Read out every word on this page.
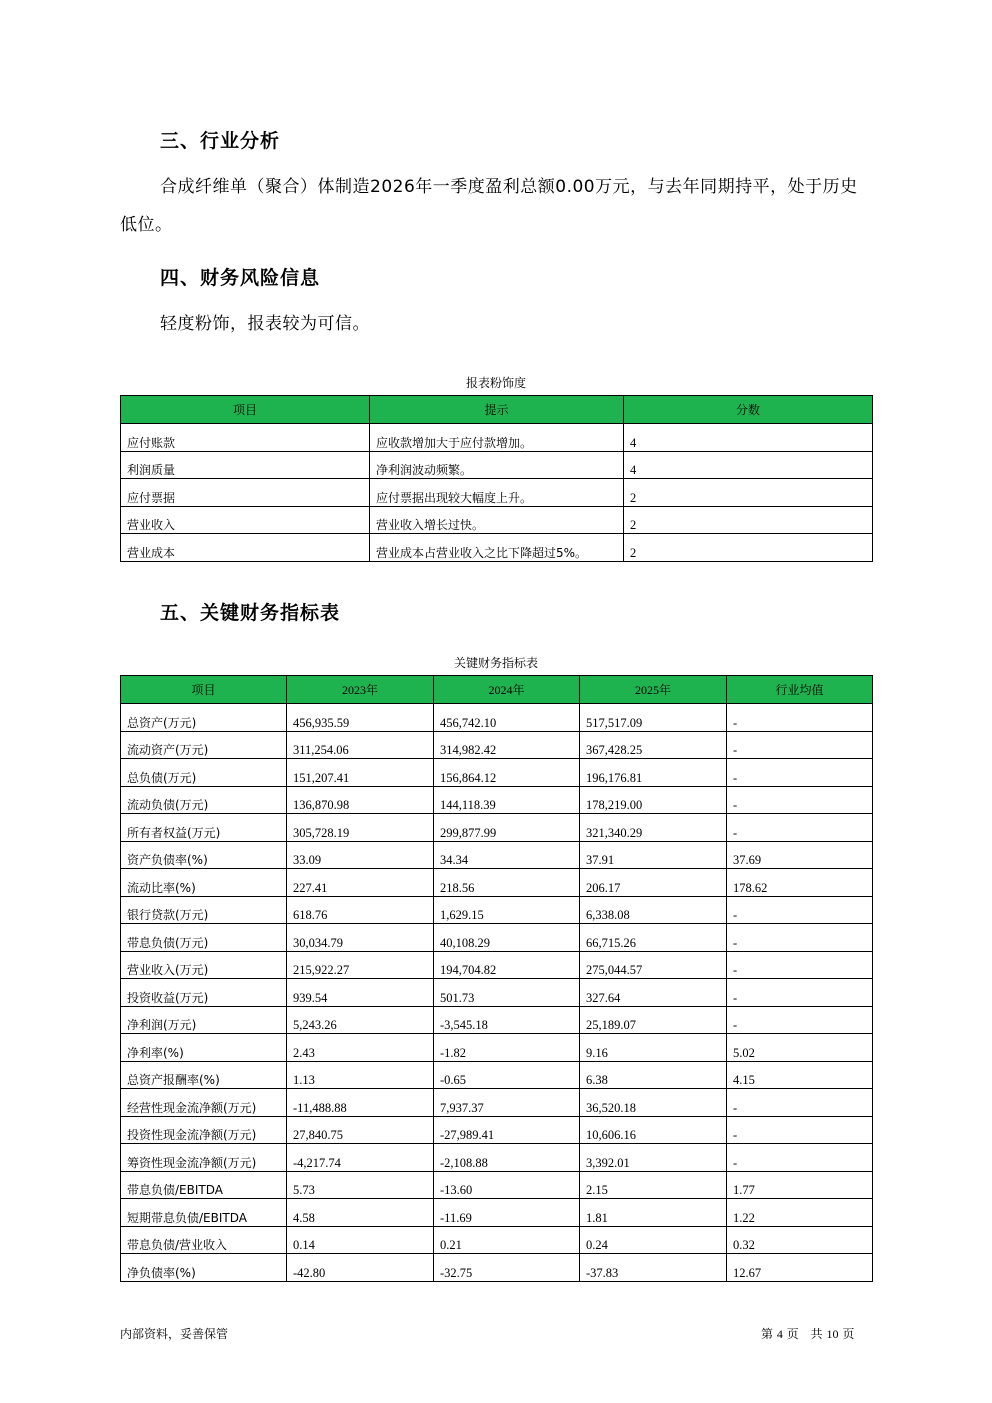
三、行业分析
合成纤维单（聚合）体制造2026年一季度盈利总额0.00万元，与去年同期持平，处于历史低位。
四、财务风险信息
轻度粉饰，报表较为可信。
报表粉饰度
项目	提示	分数
应付账款	应收款增加大于应付款增加。	4
利润质量	净利润波动频繁。	4
应付票据	应付票据出现较大幅度上升。	2
营业收入	营业收入增长过快。	2
营业成本	营业成本占营业收入之比下降超过5%。	2
五、关键财务指标表
关键财务指标表
项目	2023年	2024年	2025年	行业均值
总资产(万元)	456,935.59	456,742.10	517,517.09	-
流动资产(万元)	311,254.06	314,982.42	367,428.25	-
总负债(万元)	151,207.41	156,864.12	196,176.81	-
流动负债(万元)	136,870.98	144,118.39	178,219.00	-
所有者权益(万元)	305,728.19	299,877.99	321,340.29	-
资产负债率(%)	33.09	34.34	37.91	37.69
流动比率(%)	227.41	218.56	206.17	178.62
银行贷款(万元)	618.76	1,629.15	6,338.08	-
带息负债(万元)	30,034.79	40,108.29	66,715.26	-
营业收入(万元)	215,922.27	194,704.82	275,044.57	-
投资收益(万元)	939.54	501.73	327.64	-
净利润(万元)	5,243.26	-3,545.18	25,189.07	-
净利率(%)	2.43	-1.82	9.16	5.02
总资产报酬率(%)	1.13	-0.65	6.38	4.15
经营性现金流净额(万元)	-11,488.88	7,937.37	36,520.18	-
投资性现金流净额(万元)	27,840.75	-27,989.41	10,606.16	-
筹资性现金流净额(万元)	-4,217.74	-2,108.88	3,392.01	-
带息负债/EBITDA	5.73	-13.60	2.15	1.77
短期带息负债/EBITDA	4.58	-11.69	1.81	1.22
带息负债/营业收入	0.14	0.21	0.24	0.32
净负债率(%)	-42.80	-32.75	-37.83	12.67
内部资料，妥善保管	第 4 页　共 10 页
